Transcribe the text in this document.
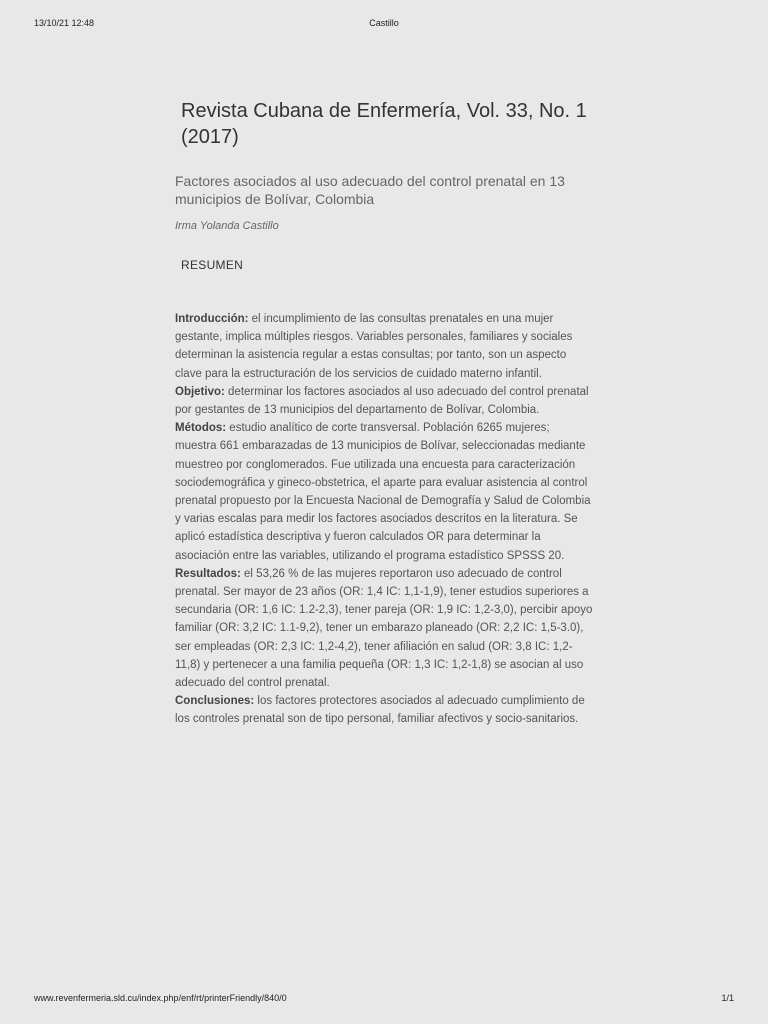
13/10/21 12:48	Castillo
Revista Cubana de Enfermería, Vol. 33, No. 1 (2017)
Factores asociados al uso adecuado del control prenatal en 13 municipios de Bolívar, Colombia
Irma Yolanda Castillo
RESUMEN
Introducción: el incumplimiento de las consultas prenatales en una mujer gestante, implica múltiples riesgos. Variables personales, familiares y sociales determinan la asistencia regular a estas consultas; por tanto, son un aspecto clave para la estructuración de los servicios de cuidado materno infantil.
Objetivo: determinar los factores asociados al uso adecuado del control prenatal por gestantes de 13 municipios del departamento de Bolívar, Colombia.
Métodos: estudio analítico de corte transversal. Población 6265 mujeres; muestra 661 embarazadas de 13 municipios de Bolívar, seleccionadas mediante muestreo por conglomerados. Fue utilizada una encuesta para caracterización sociodemográfica y gineco-obstetrica, el aparte para evaluar asistencia al control prenatal propuesto por la Encuesta Nacional de Demografía y Salud de Colombia y varias escalas para medir los factores asociados descritos en la literatura. Se aplicó estadística descriptiva y fueron calculados OR para determinar la asociación entre las variables, utilizando el programa estadístico SPSSS 20.
Resultados: el 53,26 % de las mujeres reportaron uso adecuado de control prenatal. Ser mayor de 23 años (OR: 1,4 IC: 1,1-1,9), tener estudios superiores a secundaria (OR: 1,6 IC: 1.2-2,3), tener pareja (OR: 1,9 IC: 1,2-3,0), percibir apoyo familiar (OR: 3,2 IC: 1.1-9,2), tener un embarazo planeado (OR: 2,2 IC: 1,5-3.0), ser empleadas (OR: 2,3 IC: 1,2-4,2), tener afiliación en salud (OR: 3,8 IC: 1,2-11,8) y pertenecer a una familia pequeña (OR: 1,3 IC: 1,2-1,8) se asocian al uso adecuado del control prenatal.
Conclusiones: los factores protectores asociados al adecuado cumplimiento de los controles prenatal son de tipo personal, familiar afectivos y socio-sanitarios.
www.revenfermeria.sld.cu/index.php/enf/rt/printerFriendly/840/0	1/1
